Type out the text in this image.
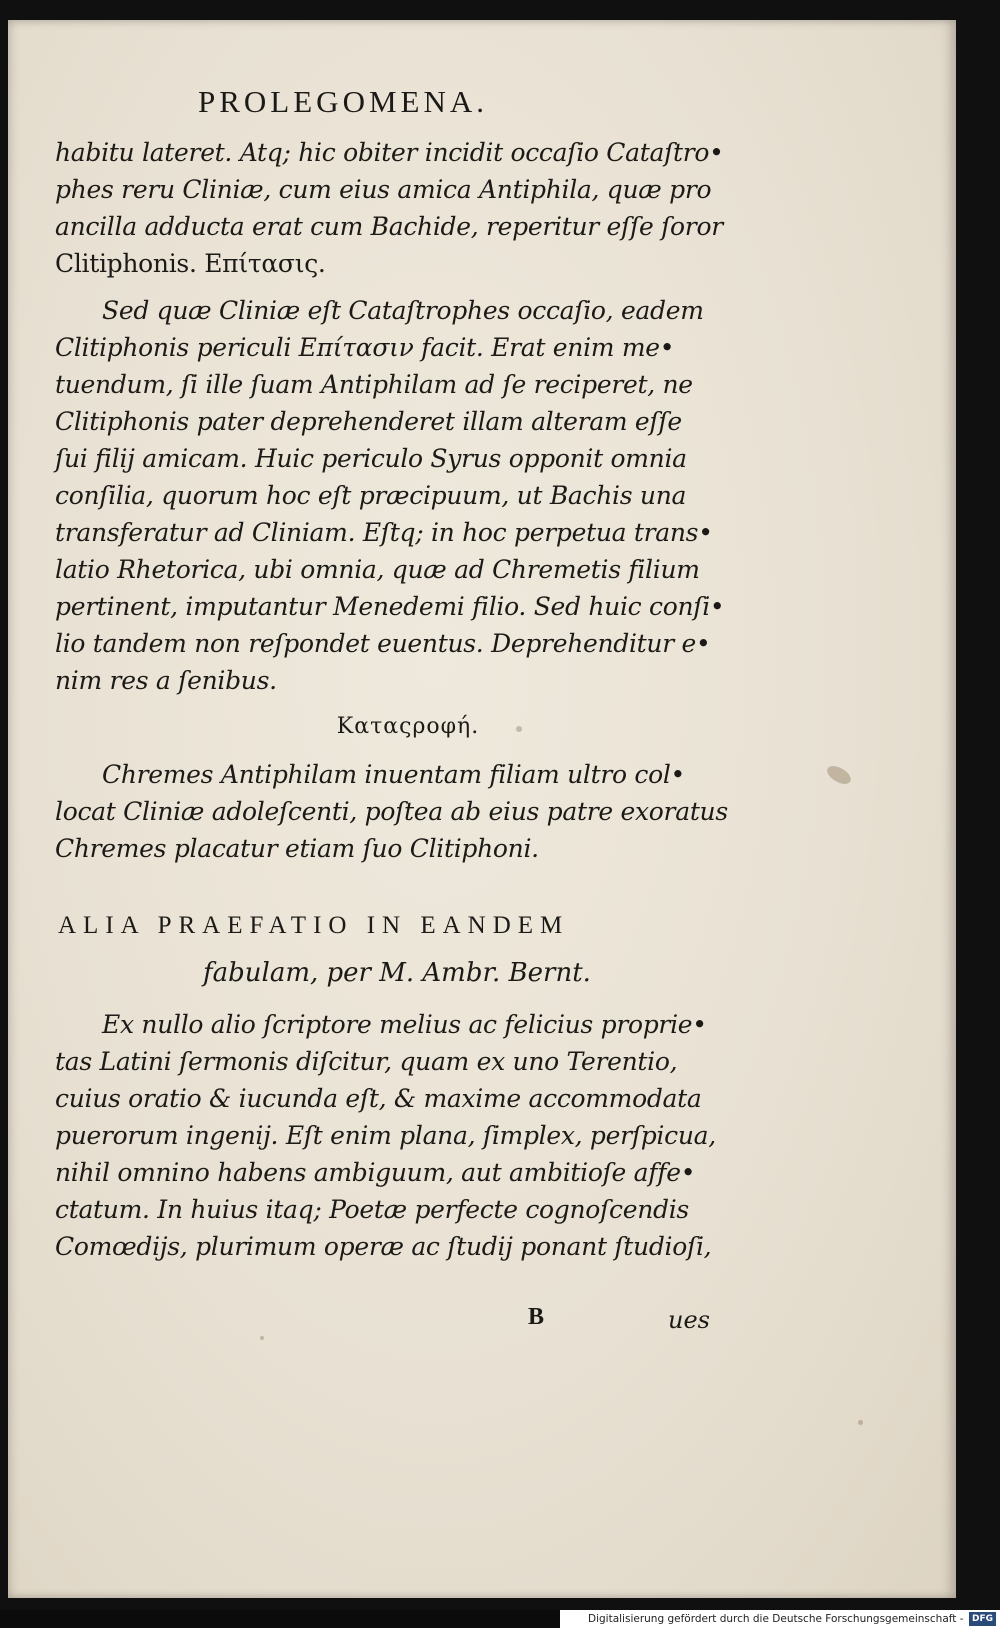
PROLEGOMENA.
habitu lateret. Atq; hic obiter incidit occaſio Cataſtro•
phes reru Cliniæ, cum eius amica Antiphila, quæ pro
ancilla adducta erat cum Bachide, reperitur eſſe ſoror
Clitiphonis. Επίτασις.
Sed quæ Cliniæ eſt Cataſtrophes occaſio, eadem
Clitiphonis periculi Επίτασιν facit. Erat enim me•
tuendum, ſi ille ſuam Antiphilam ad ſe reciperet, ne
Clitiphonis pater deprehenderet illam alteram eſſe
ſui filij amicam. Huic periculo Syrus opponit omnia
conſilia, quorum hoc eſt præcipuum, ut Bachis una
transferatur ad Cliniam. Eſtq; in hoc perpetua trans•
latio Rhetorica, ubi omnia, quæ ad Chremetis filium
pertinent, imputantur Menedemi filio. Sed huic conſi•
lio tandem non reſpondet euentus. Deprehenditur e•
nim res a ſenibus.
Καταςροφή.
Chremes Antiphilam inuentam filiam ultro col•
locat Cliniæ adoleſcenti, poſtea ab eius patre exoratus
Chremes placatur etiam ſuo Clitiphoni.
ALIA PRAEFATIO IN EANDEM
fabulam, per M. Ambr. Bernt.
Ex nullo alio ſcriptore melius ac felicius proprie•
tas Latini ſermonis diſcitur, quam ex uno Terentio,
cuius oratio & iucunda eſt, & maxime accommodata
puerorum ingenij. Eſt enim plana, ſimplex, perſpicua,
nihil omnino habens ambiguum, aut ambitioſe affe•
ctatum. In huius itaq; Poetæ perfecte cognoſcendis
Comœdijs, plurimum operæ ac ſtudij ponant ſtudioſi,
B	ues
Digitalisierung gefördert durch die Deutsche Forschungsgemeinschaft - DFG
